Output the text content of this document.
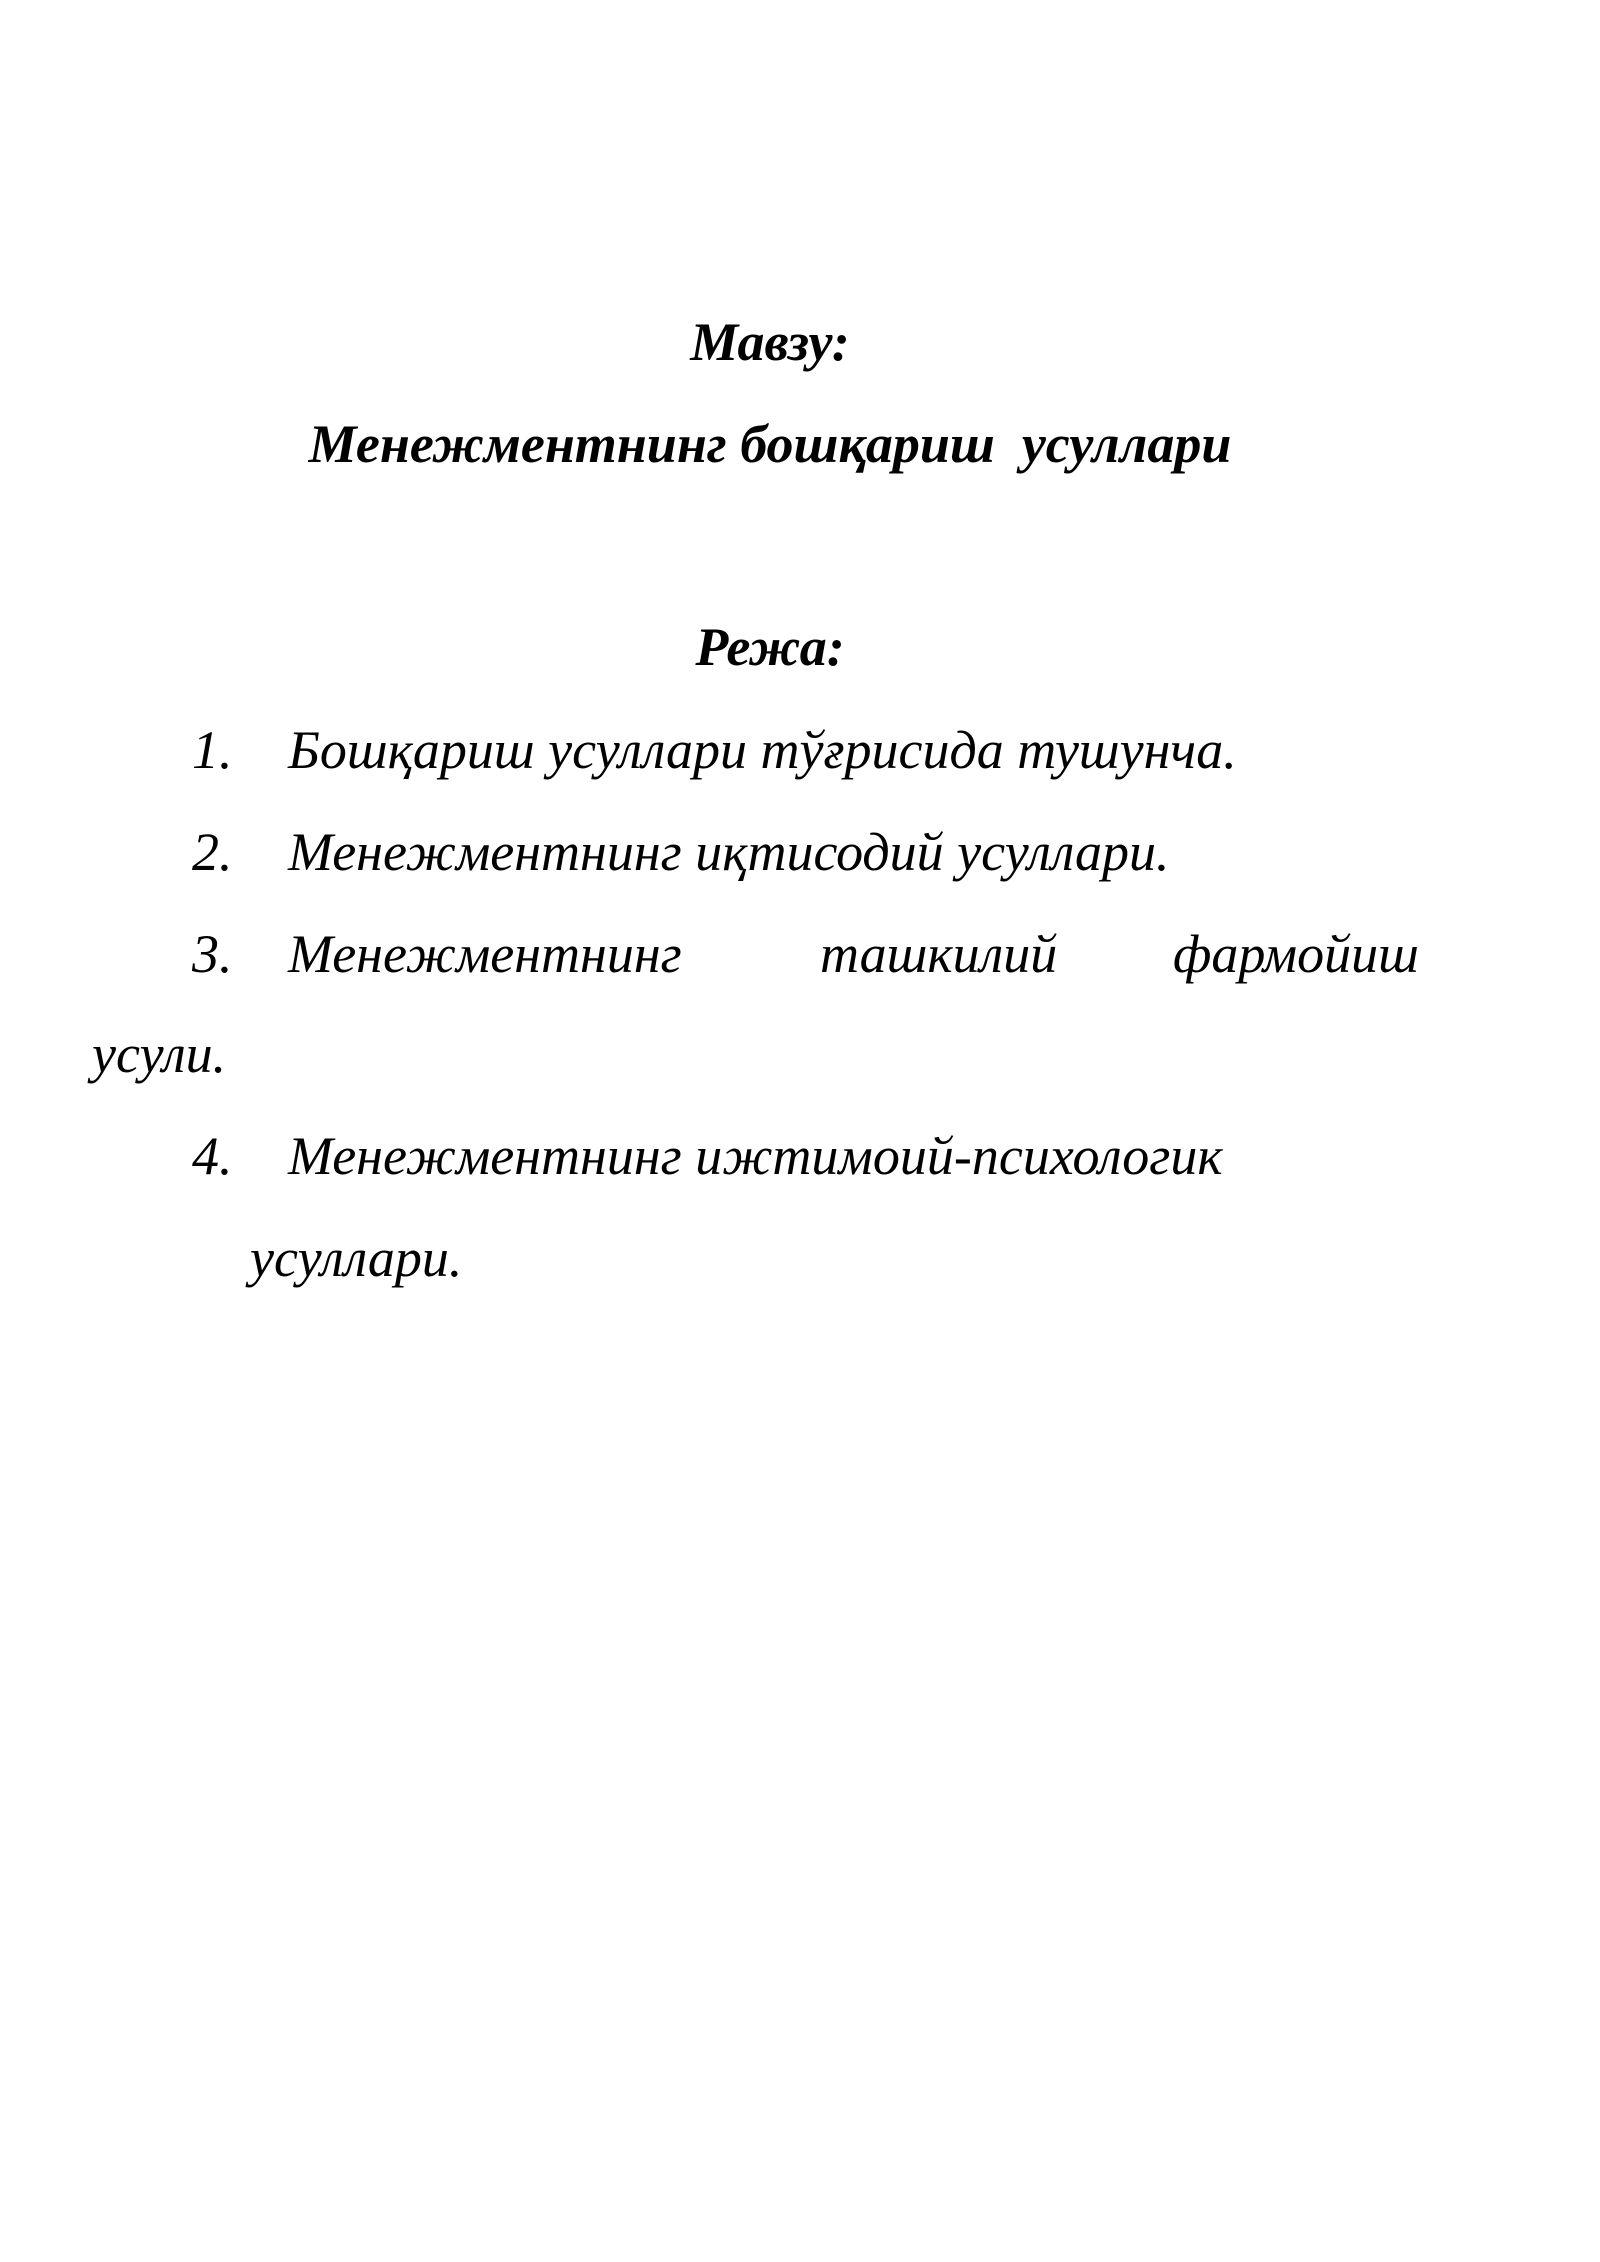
Мавзу:
Менежментнинг бошқариш  усуллари
Режа:
1. Бошқариш усуллари тўғрисида тушунча.
2. Менежментнинг иқтисодий усуллари.
3. Менежментнинг	ташкилий фармойиш
усули.
4. Менежментнинг ижтимоий-психологик
усуллари.
